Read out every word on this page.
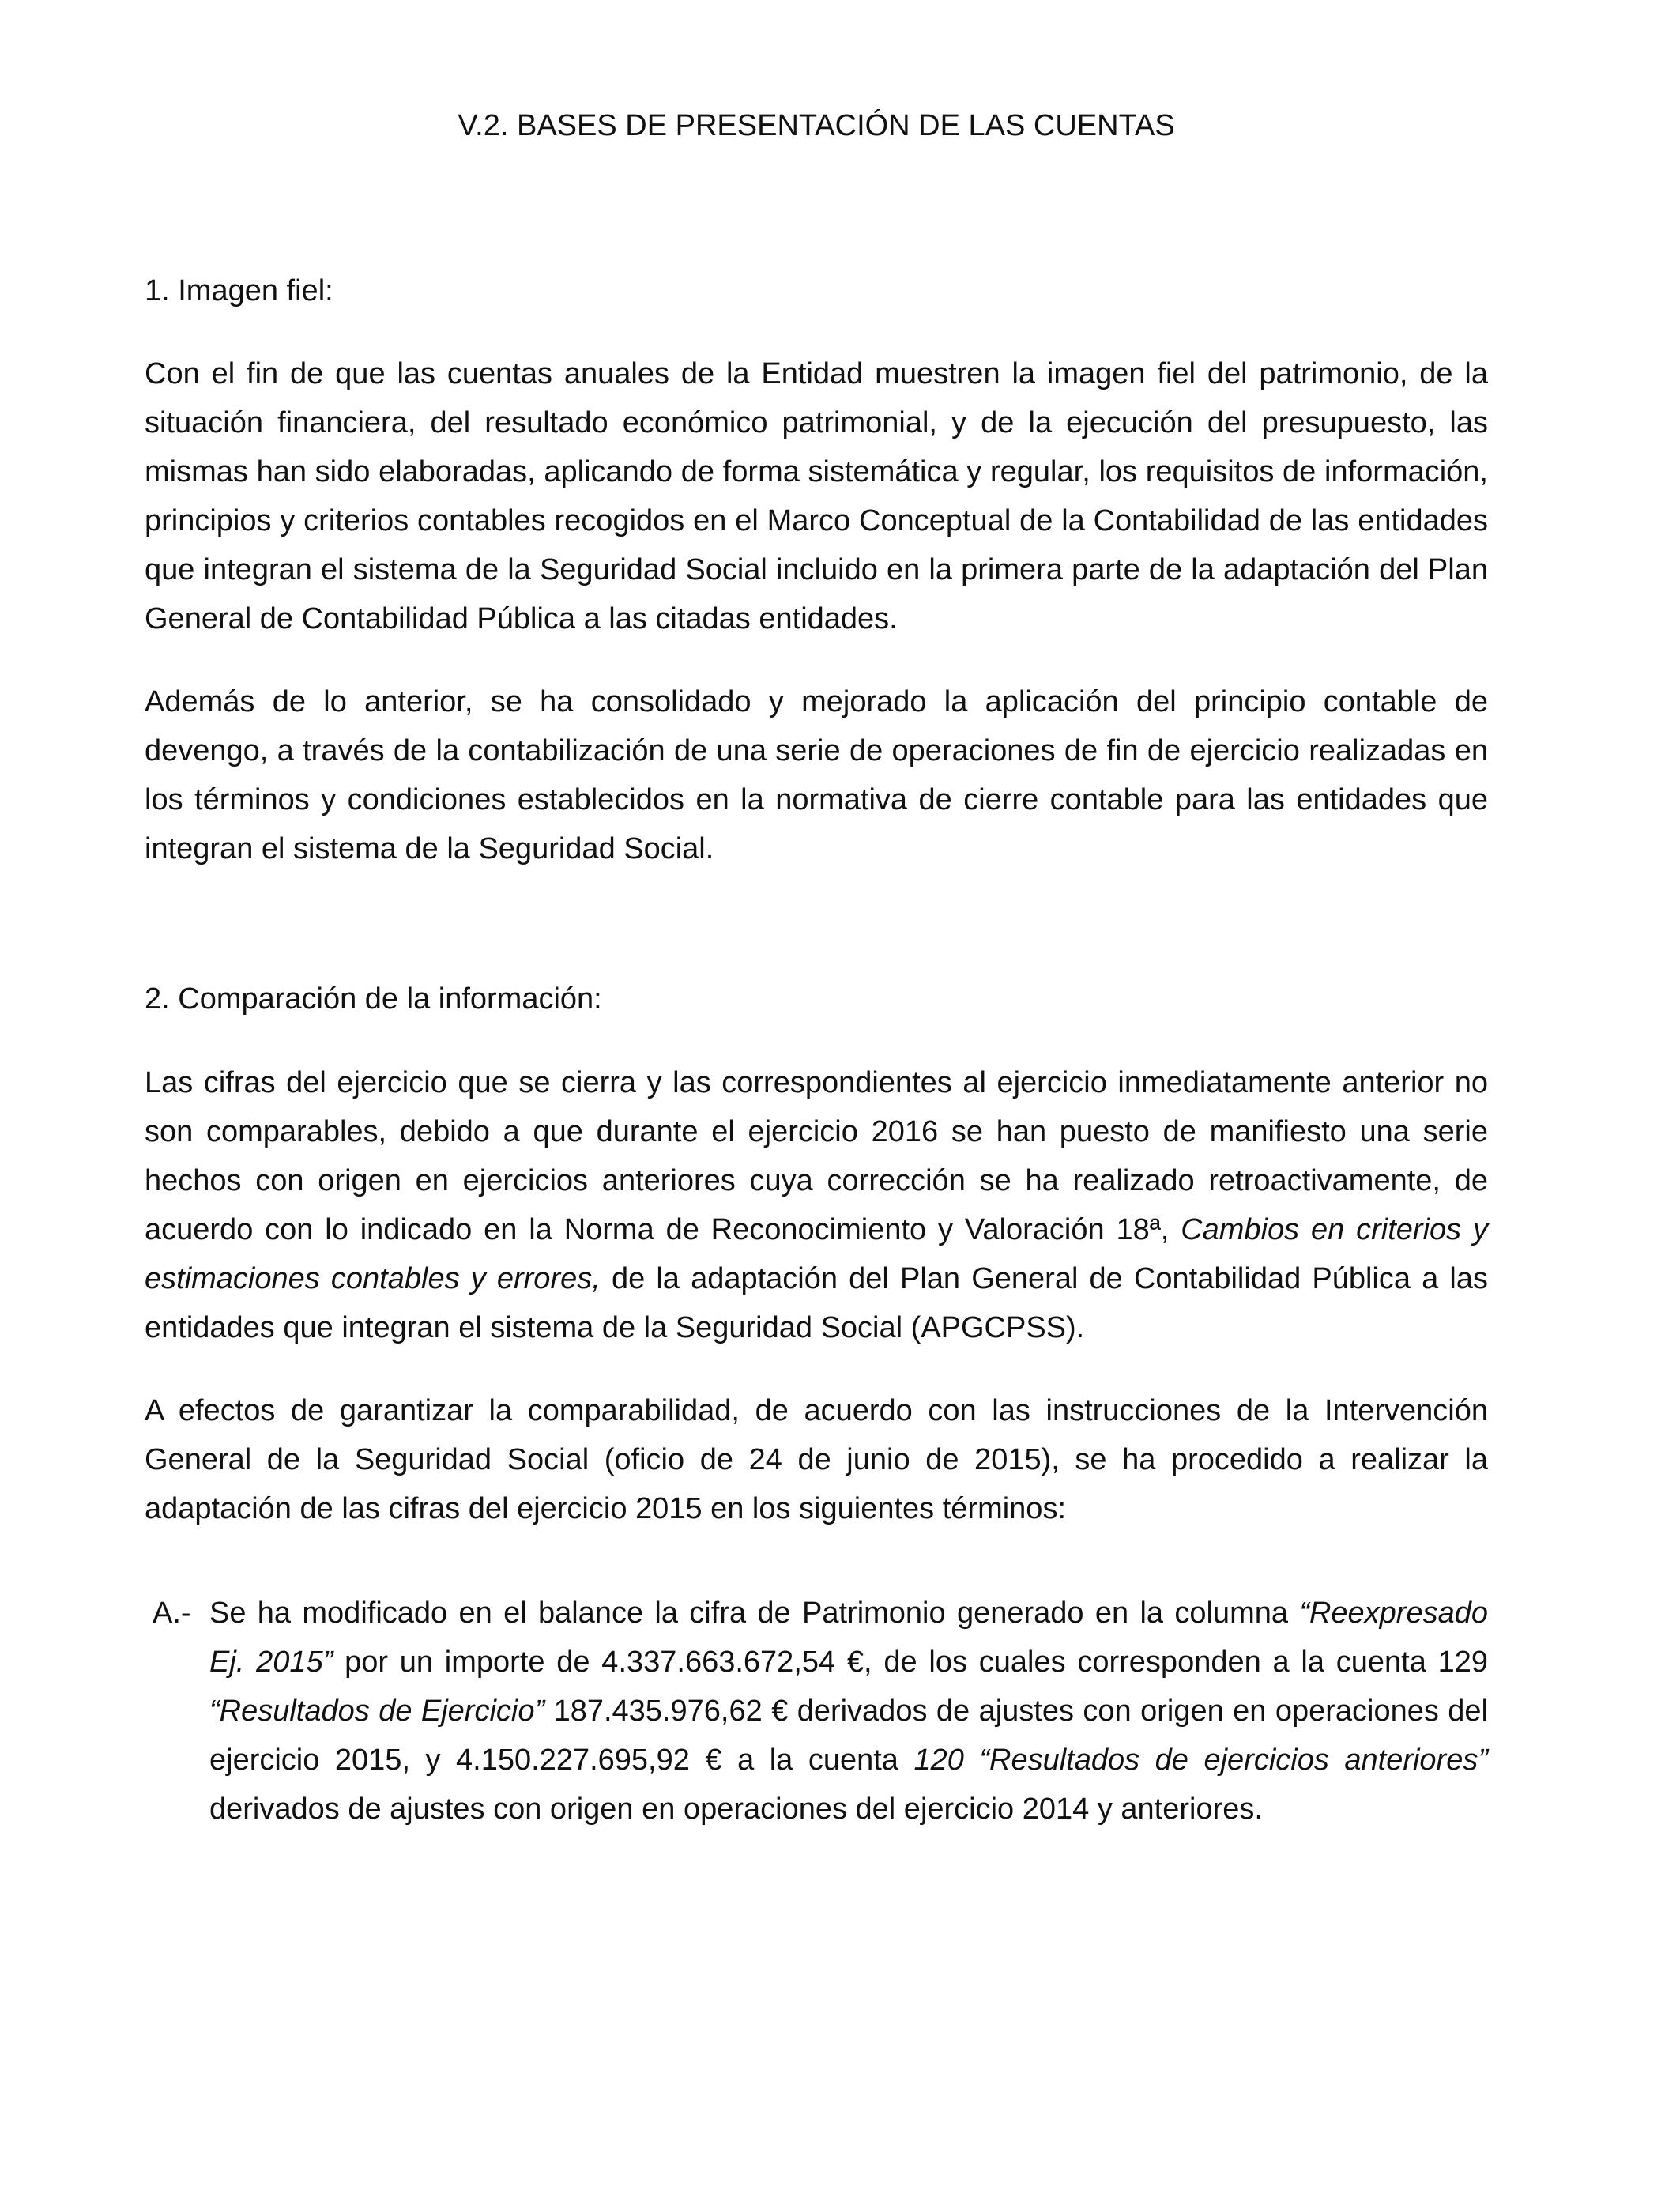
V.2. BASES DE PRESENTACIÓN DE LAS CUENTAS
1. Imagen fiel:
Con el fin de que las cuentas anuales de la Entidad muestren la imagen fiel del patrimonio, de la situación financiera, del resultado económico patrimonial, y de la ejecución del presupuesto, las mismas han sido elaboradas, aplicando de forma sistemática y regular, los requisitos de información, principios y criterios contables recogidos en el Marco Conceptual de la Contabilidad de las entidades que integran el sistema de la Seguridad Social incluido en la primera parte de la adaptación del Plan General de Contabilidad Pública a las citadas entidades.
Además de lo anterior, se ha consolidado y mejorado la aplicación del principio contable de devengo, a través de la contabilización de una serie de operaciones de fin de ejercicio realizadas en los términos y condiciones establecidos en la normativa de cierre contable para las entidades que integran el sistema de la Seguridad Social.
2. Comparación de la información:
Las cifras del ejercicio que se cierra y las correspondientes al ejercicio inmediatamente anterior no son comparables, debido a que durante el ejercicio 2016 se han puesto de manifiesto una serie hechos con origen en ejercicios anteriores cuya corrección se ha realizado retroactivamente, de acuerdo con lo indicado en la Norma de Reconocimiento y Valoración 18ª, Cambios en criterios y estimaciones contables y errores, de la adaptación del Plan General de Contabilidad Pública a las entidades que integran el sistema de la Seguridad Social (APGCPSS).
A efectos de garantizar la comparabilidad, de acuerdo con las instrucciones de la Intervención General de la Seguridad Social (oficio de 24 de junio de 2015), se ha procedido a realizar la adaptación de las cifras del ejercicio 2015 en los siguientes términos:
A.- Se ha modificado en el balance la cifra de Patrimonio generado en la columna “Reexpresado Ej. 2015” por un importe de 4.337.663.672,54 €, de los cuales corresponden a la cuenta 129 “Resultados de Ejercicio” 187.435.976,62 € derivados de ajustes con origen en operaciones del ejercicio 2015, y 4.150.227.695,92 € a la cuenta 120 “Resultados de ejercicios anteriores” derivados de ajustes con origen en operaciones del ejercicio 2014 y anteriores.
